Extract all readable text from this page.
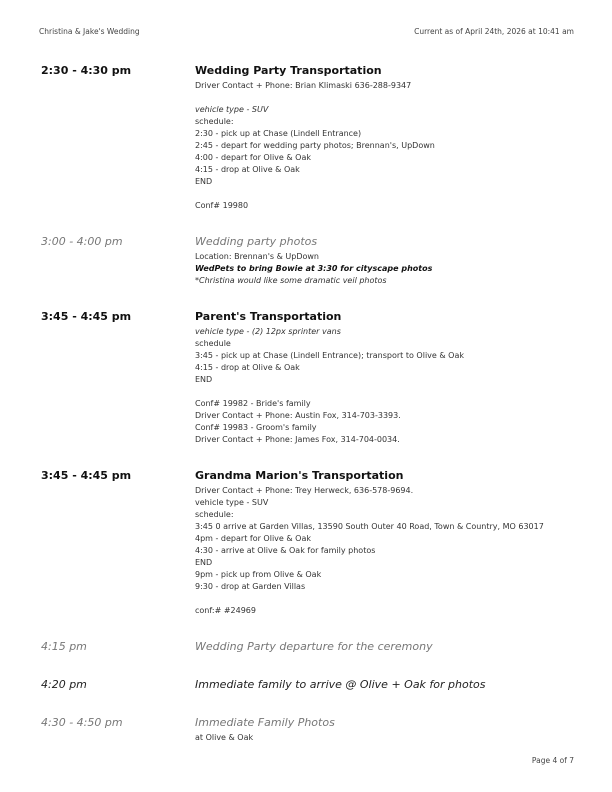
Christina & Jake's Wedding	Current as of April 24th, 2026 at 10:41 am
2:30 - 4:30 pm	Wedding Party Transportation
Driver Contact + Phone: Brian Klimaski 636-288-9347
vehicle type - SUV
schedule:
2:30 - pick up at Chase (Lindell Entrance)
2:45 - depart for wedding party photos; Brennan's, UpDown
4:00 - depart for Olive & Oak
4:15 - drop at Olive & Oak
END
Conf# 19980
3:00 - 4:00 pm	Wedding party photos
Location: Brennan's & UpDown
WedPets to bring Bowie at 3:30 for cityscape photos
*Christina would like some dramatic veil photos
3:45 - 4:45 pm	Parent's Transportation
vehicle type - (2) 12px sprinter vans
schedule
3:45 - pick up at Chase (Lindell Entrance); transport to Olive & Oak
4:15 - drop at Olive & Oak
END
Conf# 19982 - Bride's family
Driver Contact + Phone: Austin Fox, 314-703-3393.
Conf# 19983 - Groom's family
Driver Contact + Phone: James Fox, 314-704-0034.
3:45 - 4:45 pm	Grandma Marion's Transportation
Driver Contact + Phone: Trey Herweck, 636-578-9694.
vehicle type - SUV
schedule:
3:45 0 arrive at Garden Villas, 13590 South Outer 40 Road, Town & Country, MO 63017
4pm - depart for Olive & Oak
4:30 - arrive at Olive & Oak for family photos
END
9pm - pick up from Olive & Oak
9:30 - drop at Garden Villas
conf:# #24969
4:15 pm	Wedding Party departure for the ceremony
4:20 pm	Immediate family to arrive @ Olive + Oak for photos
4:30 - 4:50 pm	Immediate Family Photos
at Olive & Oak
Page 4 of 7
